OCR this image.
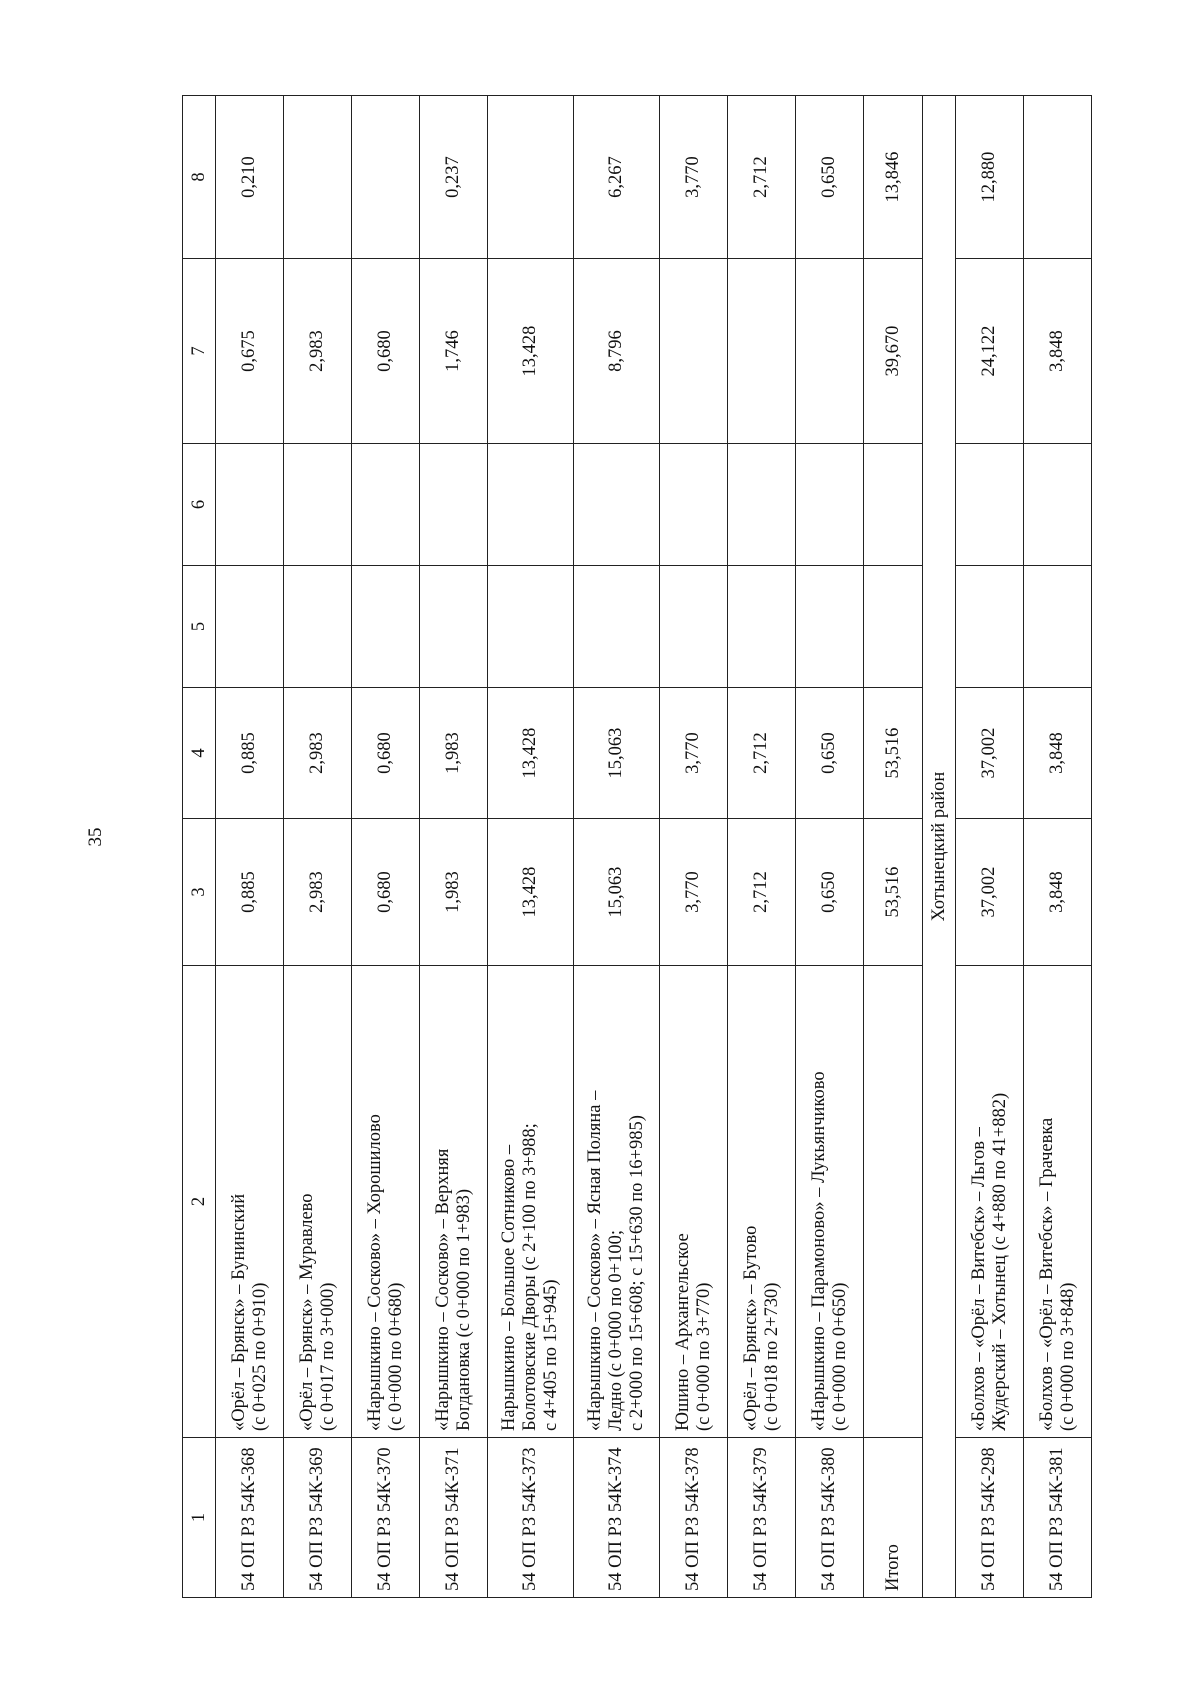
35
1	2	3	4	5	6	7	8
54 ОП РЗ 54К-368	«Орёл – Брянск» – Бунинский
(с 0+025 по 0+910)	0,885	0,885			0,675	0,210
54 ОП РЗ 54К-369	«Орёл – Брянск» – Муравлево
(с 0+017 по 3+000)	2,983	2,983			2,983	
54 ОП РЗ 54К-370	«Нарышкино – Сосково» – Хорошилово
(с 0+000 по 0+680)	0,680	0,680			0,680	
54 ОП РЗ 54К-371	«Нарышкино – Сосково» – Верхняя
Богдановка (с 0+000 по 1+983)	1,983	1,983			1,746	0,237
54 ОП РЗ 54К-373	Нарышкино – Большое Сотниково –
Болотовские Дворы (с 2+100 по 3+988;
с 4+405 по 15+945)	13,428	13,428			13,428	
54 ОП РЗ 54К-374	«Нарышкино – Сосково» – Ясная Поляна –
Ледно (с 0+000 по 0+100;
с 2+000 по 15+608; с 15+630 по 16+985)	15,063	15,063			8,796	6,267
54 ОП РЗ 54К-378	Юшино – Архангельское
(с 0+000 по 3+770)	3,770	3,770				3,770
54 ОП РЗ 54К-379	«Орёл – Брянск» – Бутово
(с 0+018 по 2+730)	2,712	2,712				2,712
54 ОП РЗ 54К-380	«Нарышкино – Парамоново» – Лукьянчиково
(с 0+000 по 0+650)	0,650	0,650				0,650
Итого		53,516	53,516			39,670	13,846
Хотынецкий район							
54 ОП РЗ 54К-298	«Болхов – «Орёл – Витебск» – Льгов –
Жудерский – Хотынец (с 4+880 по 41+882)	37,002	37,002			24,122	12,880
54 ОП РЗ 54К-381	«Болхов – «Орёл – Витебск» – Грачевка
(с 0+000 по 3+848)	3,848	3,848			3,848	
